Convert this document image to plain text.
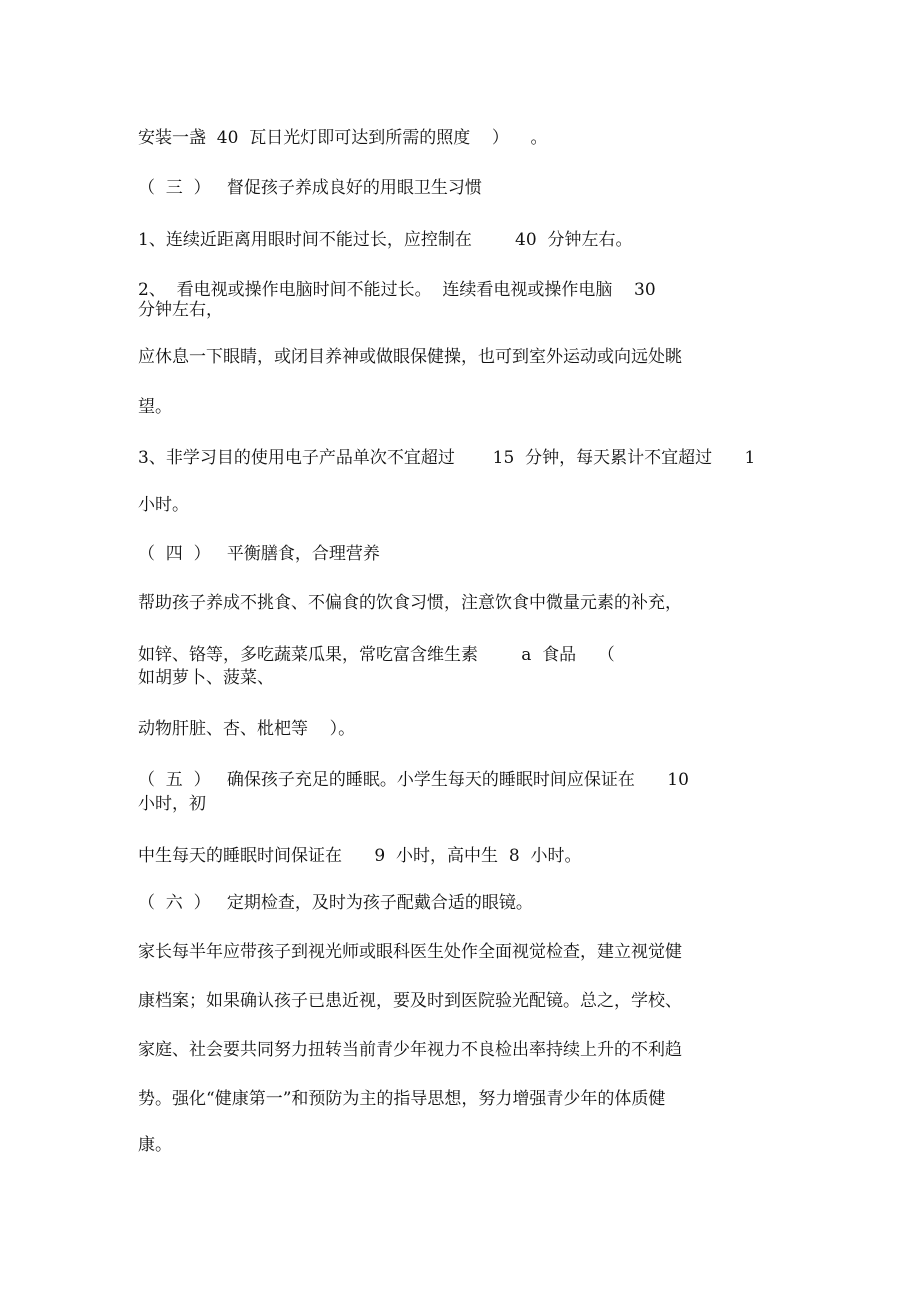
安装一盏  40  瓦日光灯即可达到所需的照度    ）    。
（  三  ）   督促孩子养成良好的用眼卫生习惯
1、连续近距离用眼时间不能过长，应控制在        40  分钟左右。
2、  看电视或操作电脑时间不能过长。  连续看电视或操作电脑    30
分钟左右，
应休息一下眼睛，或闭目养神或做眼保健操，也可到室外运动或向远处眺
望。
3、非学习目的使用电子产品单次不宜超过       15  分钟，每天累计不宜超过      1
小时。
（  四  ）   平衡膳食，合理营养
帮助孩子养成不挑食、不偏食的饮食习惯，注意饮食中微量元素的补充，
如锌、铬等，多吃蔬菜瓜果，常吃富含维生素        a  食品    （
如胡萝卜、菠菜、
动物肝脏、杏、枇杷等    ）。
（  五  ）   确保孩子充足的睡眠。小学生每天的睡眠时间应保证在      10
小时，初
中生每天的睡眠时间保证在      9  小时，高中生  8  小时。
（  六  ）   定期检查，及时为孩子配戴合适的眼镜。
家长每半年应带孩子到视光师或眼科医生处作全面视觉检查，建立视觉健
康档案；如果确认孩子已患近视，要及时到医院验光配镜。总之，学校、
家庭、社会要共同努力扭转当前青少年视力不良检出率持续上升的不利趋
势。强化“健康第一”和预防为主的指导思想，努力增强青少年的体质健
康。
